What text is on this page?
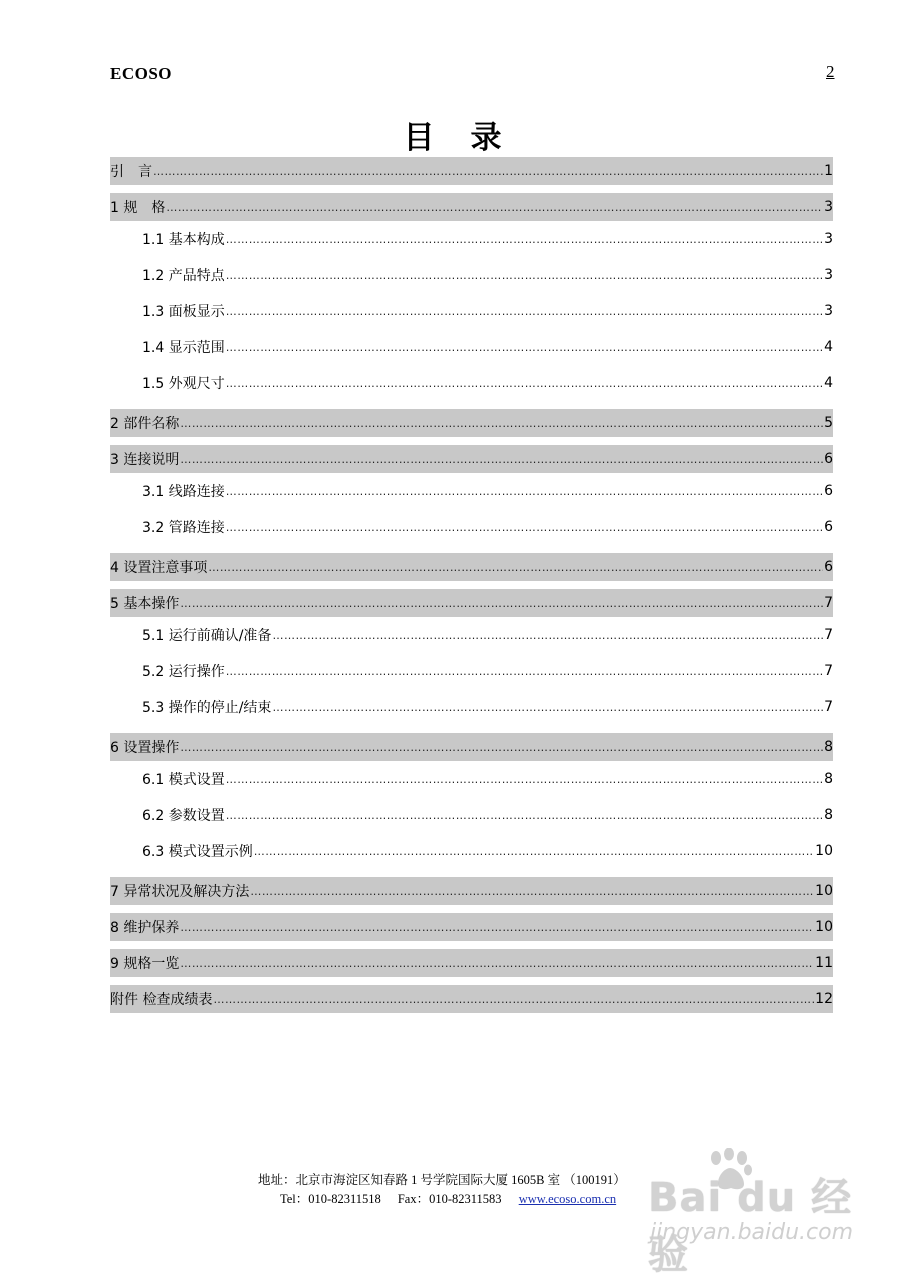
ECOSO	2
目录
引　言 …………………………………………………………………………………………………………………………………………………………………………………………	1
1 规　格 …………………………………………………………………………………………………………………………………………………………………………………………	3
1.1 基本构成 …………………………………………………………………………………………………………………………………………………………………………………………	3
1.2 产品特点 …………………………………………………………………………………………………………………………………………………………………………………………	3
1.3 面板显示 …………………………………………………………………………………………………………………………………………………………………………………………	3
1.4 显示范围 …………………………………………………………………………………………………………………………………………………………………………………………	4
1.5 外观尺寸 …………………………………………………………………………………………………………………………………………………………………………………………	4
2 部件名称 …………………………………………………………………………………………………………………………………………………………………………………………	5
3 连接说明 …………………………………………………………………………………………………………………………………………………………………………………………	6
3.1 线路连接 …………………………………………………………………………………………………………………………………………………………………………………………	6
3.2 管路连接 …………………………………………………………………………………………………………………………………………………………………………………………	6
4 设置注意事项 …………………………………………………………………………………………………………………………………………………………………………………………	6
5 基本操作 …………………………………………………………………………………………………………………………………………………………………………………………	7
5.1 运行前确认/准备 …………………………………………………………………………………………………………………………………………………………………………………………	7
5.2 运行操作 …………………………………………………………………………………………………………………………………………………………………………………………	7
5.3 操作的停止/结束 …………………………………………………………………………………………………………………………………………………………………………………………	7
6 设置操作 …………………………………………………………………………………………………………………………………………………………………………………………	8
6.1 模式设置 …………………………………………………………………………………………………………………………………………………………………………………………	8
6.2 参数设置 …………………………………………………………………………………………………………………………………………………………………………………………	8
6.3 模式设置示例 …………………………………………………………………………………………………………………………………………………………………………………………	10
7 异常状况及解决方法 …………………………………………………………………………………………………………………………………………………………………………………………	10
8 维护保养 …………………………………………………………………………………………………………………………………………………………………………………………	10
9 规格一览 …………………………………………………………………………………………………………………………………………………………………………………………	11
附件 检查成绩表 …………………………………………………………………………………………………………………………………………………………………………………………	12
地址：北京市海淀区知春路 1 号学院国际大厦 1605B 室 （100191）
Tel：010-82311518 Fax：010-82311583 www.ecoso.com.cn Bai du 经验
jingyan.baidu.com
